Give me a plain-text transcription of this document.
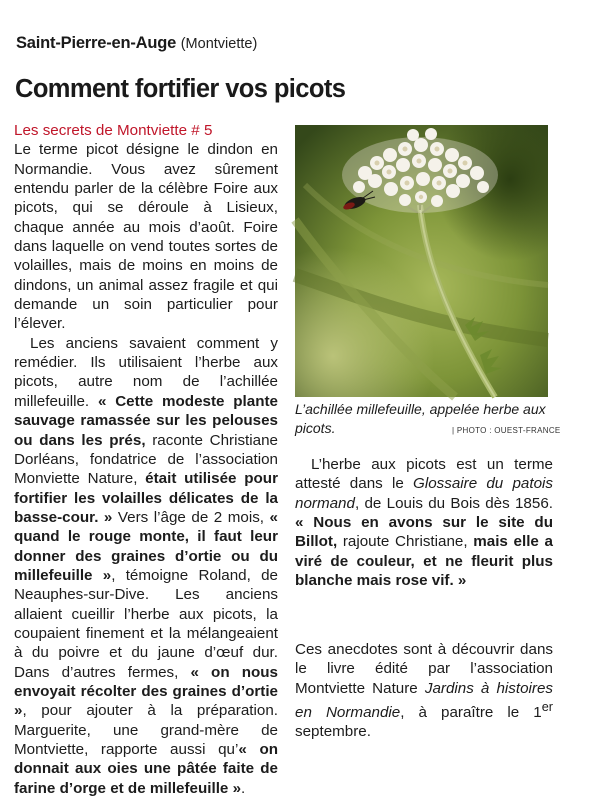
Saint-Pierre-en-Auge (Montviette)
Comment fortifier vos picots

Les secrets de Montviette # 5

Le terme picot désigne le dindon en Normandie. Vous avez sûrement entendu parler de la célèbre Foire aux picots, qui se déroule à Lisieux, chaque année au mois d’août. Foire dans laquelle on vend toutes sortes de volailles, mais de moins en moins de dindons, un animal assez fragile et qui demande un soin particulier pour l’élever.

Les anciens savaient comment y remédier. Ils utilisaient l’herbe aux picots, autre nom de l’achillée millefeuille. « Cette modeste plante sauvage ramassée sur les pelouses ou dans les prés, raconte Christiane Dorléans, fondatrice de l’association Monviette Nature, était utilisée pour fortifier les volailles délicates de la basse-cour. » Vers l’âge de 2 mois, « quand le rouge monte, il faut leur donner des graines d’ortie ou du millefeuille », témoigne Roland, de Neauphes-sur-Dive. Les anciens allaient cueillir l’herbe aux picots, la coupaient finement et la mélangeaient à du poivre et du jaune d’œuf dur. Dans d’autres fermes, « on nous envoyait récolter des graines d’ortie », pour ajouter à la préparation. Marguerite, une grand-mère de Montviette, rapporte aussi qu’« on donnait aux oies une pâtée faite de farine d’orge et de millefeuille ».

L’achillée millefeuille, appelée herbe aux picots.	| PHOTO : OUEST-FRANCE

L’herbe aux picots est un terme attesté dans le Glossaire du patois normand, de Louis du Bois dès 1856. « Nous en avons sur le site du Billot, rajoute Christiane, mais elle a viré de couleur, et ne fleurit plus blanche mais rose vif. »

Ces anecdotes sont à découvrir dans le livre édité par l’association Montviette Nature Jardins à histoires en Normandie, à paraître le 1er septembre.
